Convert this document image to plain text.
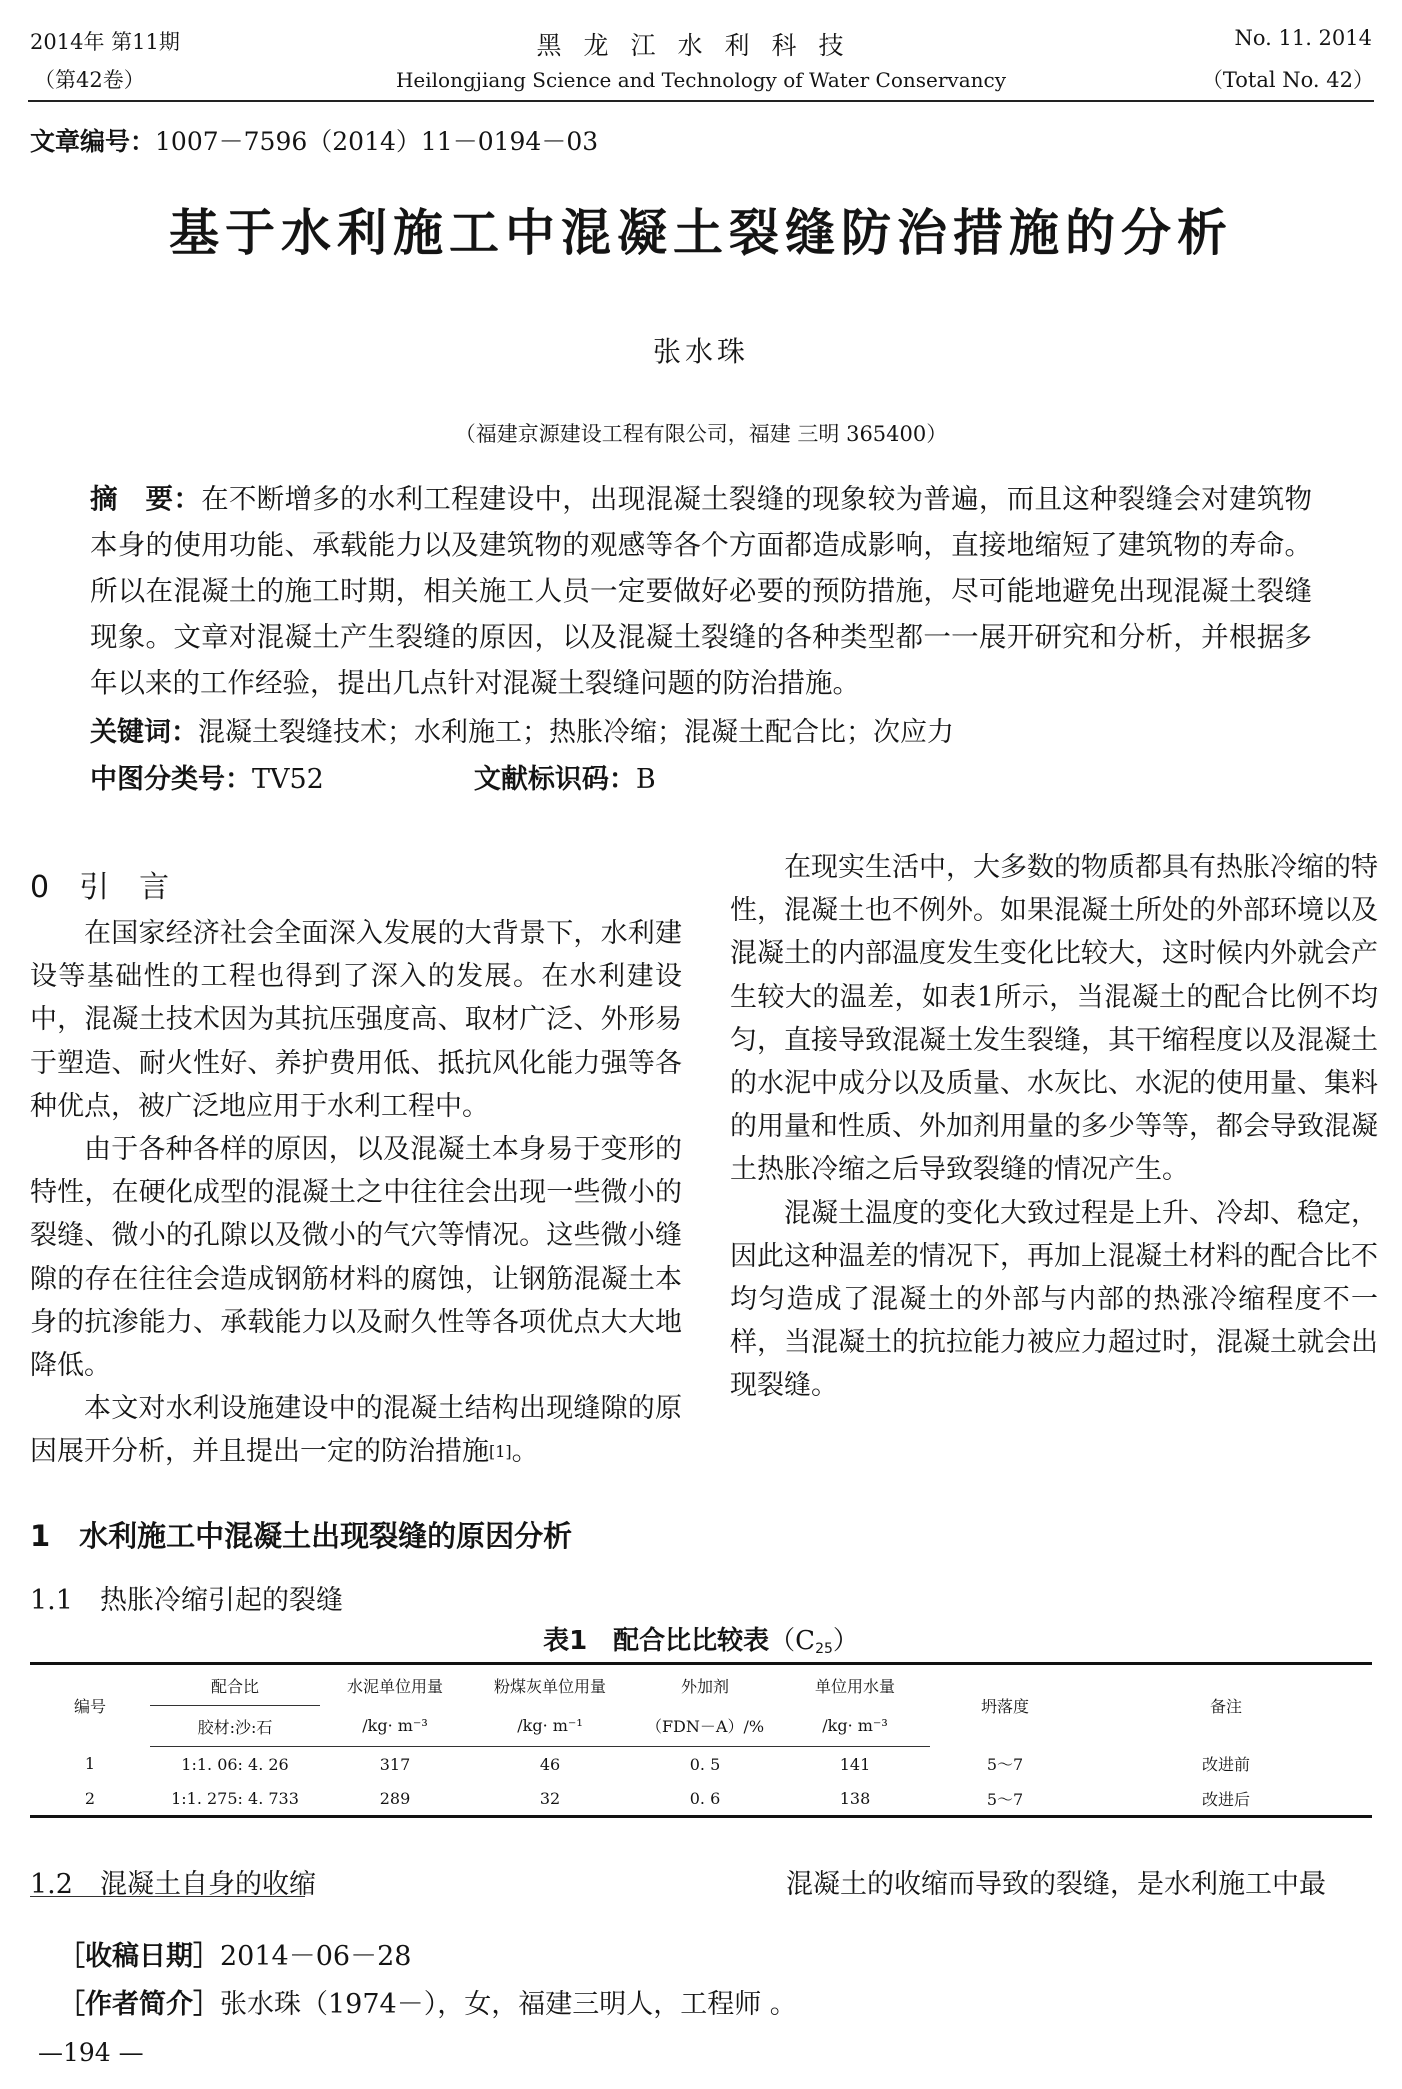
2014年 第11期
（第42卷）
黑龙江水利科技
Heilongjiang Science and Technology of Water Conservancy
No. 11. 2014
（Total No. 42）
文章编号：1007－7596（2014）11－0194－03
基于水利施工中混凝土裂缝防治措施的分析
张水珠
（福建京源建设工程有限公司，福建 三明 365400）
摘　要：在不断增多的水利工程建设中，出现混凝土裂缝的现象较为普遍，而且这种裂缝会对建筑物本身的使用功能、承载能力以及建筑物的观感等各个方面都造成影响，直接地缩短了建筑物的寿命。所以在混凝土的施工时期，相关施工人员一定要做好必要的预防措施，尽可能地避免出现混凝土裂缝现象。文章对混凝土产生裂缝的原因，以及混凝土裂缝的各种类型都一一展开研究和分析，并根据多年以来的工作经验，提出几点针对混凝土裂缝问题的防治措施。
关键词：混凝土裂缝技术；水利施工；热胀冷缩；混凝土配合比；次应力
中图分类号：TV52	文献标识码：B
0　引　言

在国家经济社会全面深入发展的大背景下，水利建设等基础性的工程也得到了深入的发展。在水利建设中，混凝土技术因为其抗压强度高、取材广泛、外形易于塑造、耐火性好、养护费用低、抵抗风化能力强等各种优点，被广泛地应用于水利工程中。

由于各种各样的原因，以及混凝土本身易于变形的特性，在硬化成型的混凝土之中往往会出现一些微小的裂缝、微小的孔隙以及微小的气穴等情况。这些微小缝隙的存在往往会造成钢筋材料的腐蚀，让钢筋混凝土本身的抗渗能力、承载能力以及耐久性等各项优点大大地降低。

本文对水利设施建设中的混凝土结构出现缝隙的原因展开分析，并且提出一定的防治措施[1]。

在现实生活中，大多数的物质都具有热胀冷缩的特性，混凝土也不例外。如果混凝土所处的外部环境以及混凝土的内部温度发生变化比较大，这时候内外就会产生较大的温差，如表1所示，当混凝土的配合比例不均匀，直接导致混凝土发生裂缝，其干缩程度以及混凝土的水泥中成分以及质量、水灰比、水泥的使用量、集料的用量和性质、外加剂用量的多少等等，都会导致混凝土热胀冷缩之后导致裂缝的情况产生。

混凝土温度的变化大致过程是上升、冷却、稳定，因此这种温差的情况下，再加上混凝土材料的配合比不均匀造成了混凝土的外部与内部的热涨冷缩程度不一样，当混凝土的抗拉能力被应力超过时，混凝土就会出现裂缝。

1　水利施工中混凝土出现裂缝的原因分析
1.1　热胀冷缩引起的裂缝
表1　配合比比较表$(C_{25})$
编号	配合比	水泥单位用量	粉煤灰单位用量	外加剂	单位用水量	坍落度	备注
	胶材:沙:石	/kg· m⁻³	/kg· m⁻¹	（FDN－A）/%	/kg· m⁻³		
1	1:1. 06: 4. 26	317	46	0. 5	141	5～7	改进前
2	1:1. 275: 4. 733	289	32	0. 6	138	5～7	改进后
1.2　混凝土自身的收缩	混凝土的收缩而导致的裂缝，是水利施工中最
［收稿日期］2014－06－28
［作者简介］张水珠（1974－），女，福建三明人，工程师 。
—194 —
